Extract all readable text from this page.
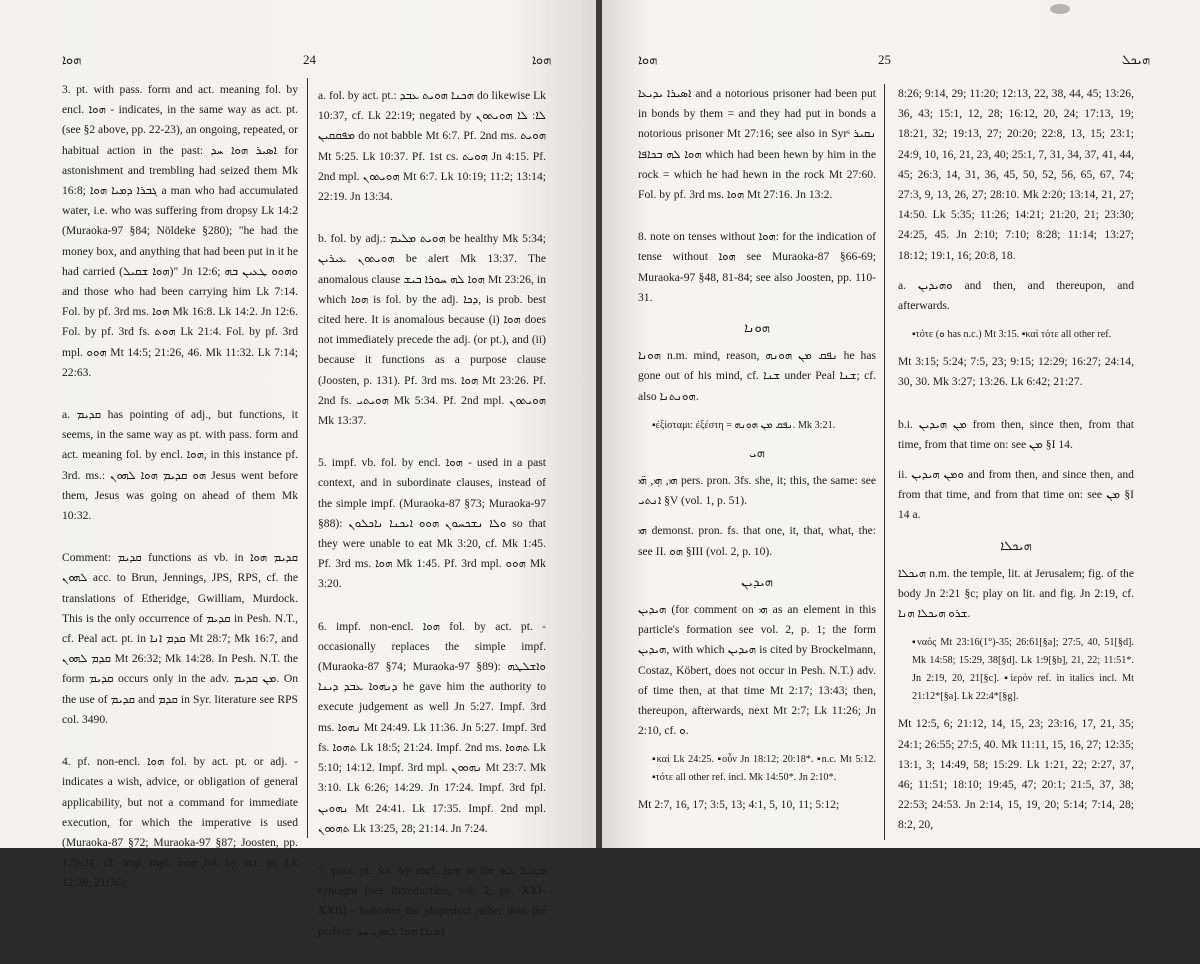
ܗܘܐ	24	ܗܘܐ

3. pt. with pass. form and act. meaning fol. by encl. ܗܘܐ - indicates, in the same way as act. pt. (see §2 above, pp. 22-23), an ongoing, repeated, or habitual action in the past: ܐܣܝܪ ܗܘܐ ܚܕ for astonishment and trembling had seized them Mk 16:8; ܓܒܪܐ ܕܡܝܐ ܗܘܐ a man who had accumulated water, i.e. who was suffering from dropsy Lk 14:2 (Muraoka-97 §84; Nöldeke §280); "he had the money box, and anything that had been put in it he had carried (ܗܘܐ ܫܩܝܠ)" Jn 12:6; ܘܗܘܘ ܛܥܝܢ ܒܗ and those who had been carrying him Lk 7:14. Fol. by pf. 3rd ms. ܗܘܐ Mk 16:8. Lk 14:2. Jn 12:6. Fol. by pf. 3rd fs. ܗܘܬ Lk 21:4. Fol. by pf. 3rd mpl. ܗܘܘ Mt 14:5; 21:26, 46. Mk 11:32. Lk 7:14; 22:63.

a. ܩܕܝܡ has pointing of adj., but functions, it seems, in the same way as pt. with pass. form and act. meaning fol. by encl. ܗܘܐ, in this instance pf. 3rd. ms.: ܗܘ ܩܕܝܡ ܗܘܐ ܠܗܘܢ Jesus went before them, Jesus was going on ahead of them Mk 10:32.

Comment: ܩܕܝܡ functions as vb. in ܩܕܝܡ ܗܘܐ ܠܗܘܢ acc. to Brun, Jennings, JPS, RPS, cf. the translations of Etheridge, Gwilliam, Murdock. This is the only occurrence of ܩܕܝܡ in Pesh. N.T., cf. Peal act. pt. in ܩܕܡ ܐܢܐ Mt 28:7; Mk 16:7, and ܩܕܡ ܠܗܘܢ Mt 26:32; Mk 14:28. In Pesh. N.T. the form ܩܕܝܡ occurs only in the adv. ܡܢ ܩܕܝܡ. On the use of ܩܕܝܡ and ܩܕܡ in Syr. literature see RPS col. 3490.

4. pf. non-encl. ܗܘܐ fol. by act. pt. or adj. - indicates a wish, advice, or obligation of general applicability, but not a command for immediate execution, for which the imperative is used (Muraoka-87 §72; Muraoka-97 §87; Joosten, pp. 129-31, cf. imp. mpl. ܗܘܘ fol. by act. pt. Lk 12:36; 21:36):

a. fol. by act. pt.: ܗܟܢܐ ܗܘܝܬ ܥܒܕ do likewise Lk 10:37, cf. Lk 22:19; negated by ܠܐ: ܠܐ ܗܘܝܬܘܢ ܡܦܩܩܝܢ do not babble Mt 6:7. Pf. 2nd ms. ܗܘܝܬ Mt 5:25. Lk 10:37. Pf. 1st cs. ܗܘܝܬ Jn 4:15. Pf. 2nd mpl. ܗܘܝܬܘܢ Mt 6:7. Lk 10:19; 11:2; 13:14; 22:19. Jn 13:34.

b. fol. by adj.: ܗܘܝܬ ܡܠܝܡ be healthy Mk 5:34; ܗܘܝܬܘܢ ܥܝܪܝܢ be alert Mk 13:37. The anomalous clause ܗܘܐ ܠܗ ܚܘܪܐ ܒܝܫ Mt 23:26, in which ܗܘܐ is fol. by the adj. ܕܟܐ, is prob. best cited here. It is anomalous because (i) ܗܘܐ does not immediately precede the adj. (or pt.), and (ii) because it functions as a purpose clause (Joosten, p. 131). Pf. 3rd ms. ܗܘܐ Mt 23:26. Pf. 2nd fs. ܗܘܝܬܝ Mk 5:34. Pf. 2nd mpl. ܗܘܝܬܘܢ Mk 13:37.

5. impf. vb. fol. by encl. ܗܘܐ - used in a past context, and in subordinate clauses, instead of the simple impf. (Muraoka-87 §73; Muraoka-97 §88): ܘܠܐ ܢܫܟܚܘܢ ܗܘܘ ܐܝܟܢܐ ܢܐܟܠܘܢ so that they were unable to eat Mk 3:20, cf. Mk 1:45. Pf. 3rd ms. ܗܘܐ Mk 1:45. Pf. 3rd mpl. ܗܘܘ Mk 3:20.

6. impf. non-encl. ܗܘܐ fol. by act. pt. - occasionally replaces the simple impf. (Muraoka-87 §74; Muraoka-97 §89): ܘܐܫܠܛܗ ܕܢܗܘܐ ܥܒܕ ܕܝܢܐ he gave him the authority to execute judgement as well Jn 5:27. Impf. 3rd ms. ܢܗܘܐ Mt 24:49. Lk 11:36. Jn 5:27. Impf. 3rd fs. ܬܗܘܐ Lk 18:5; 21:24. Impf. 2nd ms. ܬܗܘܐ Lk 5:10; 14:12. Impf. 3rd mpl. ܢܗܘܘܢ Mt 23:7. Mk 3:10. Lk 6:26; 14:29. Jn 17:24. Impf. 3rd fpl. ܢܗܘܝܢ Mt 24:41. Lk 17:35. Impf. 2nd mpl. ܬܗܘܘܢ Lk 13:25, 28; 21:14. Jn 7:24.

7. pass. pt. fol. by encl. ܗܘܐ in the ܩܛܝܠ ܠܗ syntagm (see Introduction, vol. 2, pp. XXI-XXII) - indicates the pluperfect rather than the perfect: ܐܣܝܪܐ ܗܘܐ ܠܗܘܢ ܚܕ

ܗܘܐ	25	ܗܝܟܠ

ܐܣܝܪܐ ܝܕܝܥܐ and a notorious prisoner had been put in bonds by them = and they had put in bonds a notorious prisoner Mt 27:16; see also in Syrˢ ܢܩܝܪ ܗܘܐ ܠܗ ܒܟܐܦܐ which had been hewn by him in the rock = which he had hewn in the rock Mt 27:60. Fol. by pf. 3rd ms. ܗܘܐ Mt 27:16. Jn 13:2.

8. note on tenses without ܗܘܐ: for the indication of tense without ܗܘܐ see Muraoka-87 §66-69; Muraoka-97 §48, 81-84; see also Joosten, pp. 110-31.

ܗܘܢܐ

ܗܘܢܐ n.m. mind, reason, ܢܦܩ ܡܢ ܗܘܢܗ he has gone out of his mind, cf. ܫܢܐ under Peal ܫܢܐ; cf. also ܗܘܢܬܢܐ.

▪ἐξίσταμι: ἐξέστη = ܢܦܩ ܡܢ ܗܘܢܗ. Mk 3:21.
ܗܝ

ܗܝ, ܗܝܼ, ܗܝ̈ pers. pron. 3fs. she, it; this, the same: see ܐܢܬܝ §V (vol. 1, p. 51).

ܗܝ demonst. pron. fs. that one, it, that, what, the: see II. ܗܘ §III (vol. 2, p. 10).

ܗܝܕܝܢ

ܗܝܕܝܢ (for comment on ܗܝ as an element in this particle's formation see vol. 2, p. 1; the form ܗܝܕܝܢ, with which ܗܝܕܝܢ is cited by Brockelmann, Costaz, Köbert, does not occur in Pesh. N.T.) adv. of time then, at that time Mt 2:17; 13:43; then, thereupon, afterwards, next Mt 2:7; Lk 11:26; Jn 2:10, cf. ܘ.

▪καί Lk 24:25. ▪οὖν Jn 18:12; 20:18*. ▪n.c. Mt 5:12. ▪τότε all other ref. incl. Mk 14:50*. Jn 2:10*.

Mt 2:7, 16, 17; 3:5, 13; 4:1, 5, 10, 11; 5:12;

8:26; 9:14, 29; 11:20; 12:13, 22, 38, 44, 45; 13:26, 36, 43; 15:1, 12, 28; 16:12, 20, 24; 17:13, 19; 18:21, 32; 19:13, 27; 20:20; 22:8, 13, 15; 23:1; 24:9, 10, 16, 21, 23, 40; 25:1, 7, 31, 34, 37, 41, 44, 45; 26:3, 14, 31, 36, 45, 50, 52, 56, 65, 67, 74; 27:3, 9, 13, 26, 27; 28:10. Mk 2:20; 13:14, 21, 27; 14:50. Lk 5:35; 11:26; 14:21; 21:20, 21; 23:30; 24:25, 45. Jn 2:10; 7:10; 8:28; 11:14; 13:27; 18:12; 19:1, 16; 20:8, 18.

a. ܘܗܝܕܝܢ and then, and thereupon, and afterwards.

▪τότε (ܘ has n.c.) Mt 3:15. ▪καὶ τότε all other ref.

Mt 3:15; 5:24; 7:5, 23; 9:15; 12:29; 16:27; 24:14, 30, 30. Mk 3:27; 13:26. Lk 6:42; 21:27.

b.i. ܡܢ ܗܝܕܝܢ from then, since then, from that time, from that time on: see ܡܢ §I 14.

ii. ܘܡܢ ܗܝܕܝܢ and from then, and since then, and from that time, and from that time on: see ܡܢ §I 14 a.

ܗܝܟܠܐ

ܗܝܟܠܐ n.m. the temple, lit. at Jerusalem; fig. of the body Jn 2:21 §c; play on lit. and fig. Jn 2:19, cf. ܫܪܘ ܗܝܟܠܐ ܗܢܐ.

▪ναός Mt 23:16(1°)-35; 26:61[§a]; 27:5, 40, 51[§d]. Mk 14:58; 15:29, 38[§d]. Lk 1:9[§b], 21, 22; 11:51*. Jn 2:19, 20, 21[§c]. ▪ἱερόν ref. in italics incl. Mt 21:12*[§a]. Lk 22:4*[§g].

Mt 12:5, 6; 21:12, 14, 15, 23; 23:16, 17, 21, 35; 24:1; 26:55; 27:5, 40. Mk 11:11, 15, 16, 27; 12:35; 13:1, 3; 14:49, 58; 15:29. Lk 1:21, 22; 2:27, 37, 46; 11:51; 18:10; 19:45, 47; 20:1; 21:5, 37, 38; 22:53; 24:53. Jn 2:14, 15, 19, 20; 5:14; 7:14, 28; 8:2, 20,
